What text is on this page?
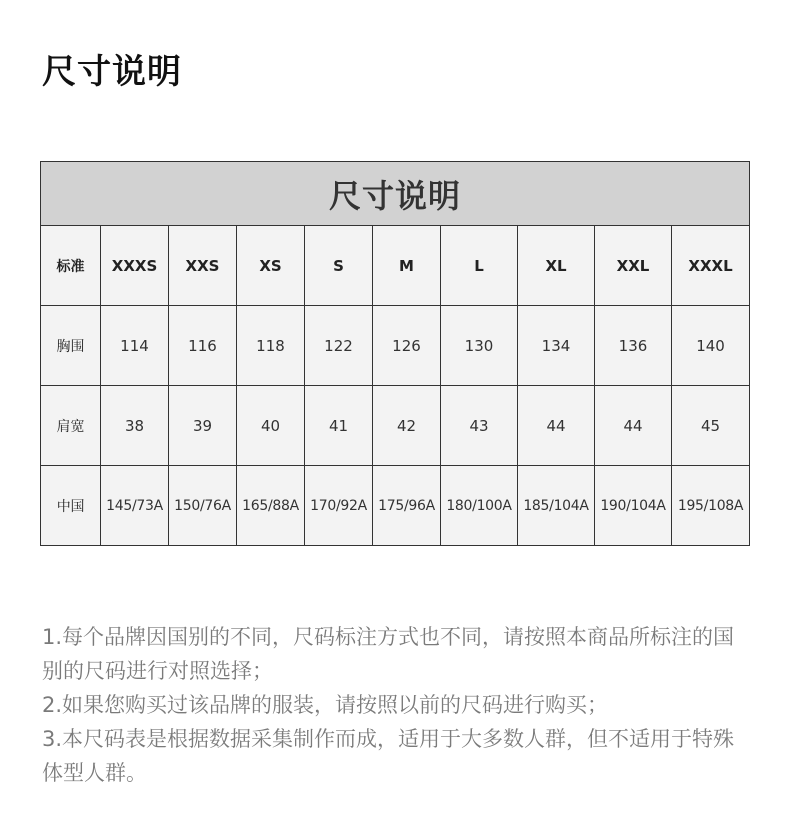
尺寸说明
尺寸说明									
标准	XXXS	XXS	XS	S	M	L	XL	XXL	XXXL
胸围	114	116	118	122	126	130	134	136	140
肩宽	38	39	40	41	42	43	44	44	45
中国	145/73A	150/76A	165/88A	170/92A	175/96A	180/100A	185/104A	190/104A	195/108A

1.每个品牌因国别的不同，尺码标注方式也不同，请按照本商品所标注的国别的尺码进行对照选择；

2.如果您购买过该品牌的服装，请按照以前的尺码进行购买；

3.本尺码表是根据数据采集制作而成，适用于大多数人群，但不适用于特殊体型人群。
